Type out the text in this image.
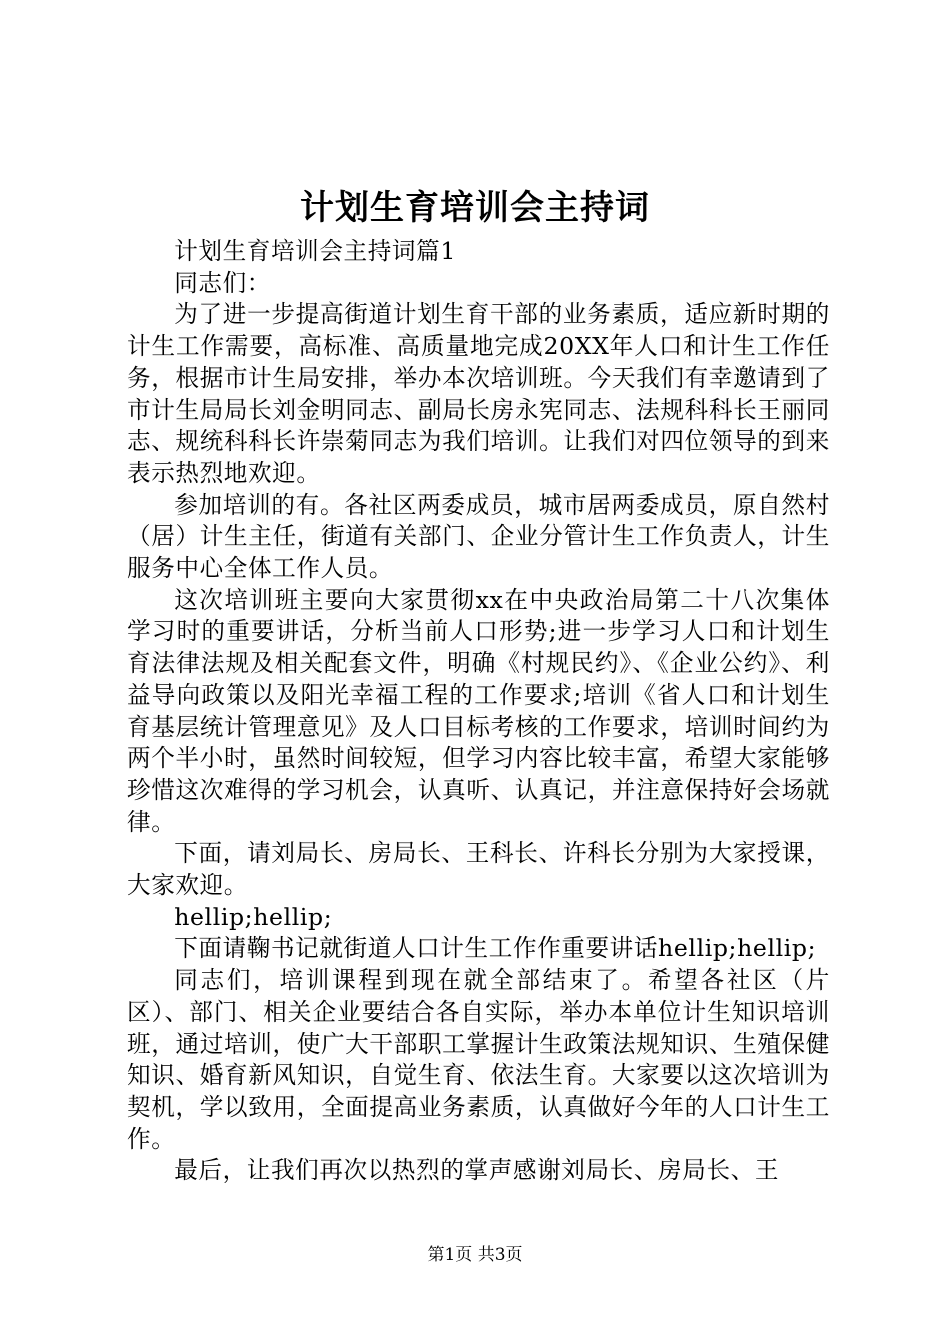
计划生育培训会主持词

计划生育培训会主持词篇1

同志们：

为了进一步提高街道计划生育干部的业务素质，适应新时期的计生工作需要，高标准、高质量地完成20XX年人口和计生工作任务，根据市计生局安排，举办本次培训班。今天我们有幸邀请到了市计生局局长刘金明同志、副局长房永宪同志、法规科科长王丽同志、规统科科长许崇菊同志为我们培训。让我们对四位领导的到来表示热烈地欢迎。

参加培训的有。各社区两委成员，城市居两委成员，原自然村（居）计生主任，街道有关部门、企业分管计生工作负责人，计生服务中心全体工作人员。

这次培训班主要向大家贯彻xx在中央政治局第二十八次集体学习时的重要讲话，分析当前人口形势;进一步学习人口和计划生育法律法规及相关配套文件，明确《村规民约》、《企业公约》、利益导向政策以及阳光幸福工程的工作要求;培训《省人口和计划生育基层统计管理意见》及人口目标考核的工作要求，培训时间约为两个半小时，虽然时间较短，但学习内容比较丰富，希望大家能够珍惜这次难得的学习机会，认真听、认真记，并注意保持好会场就律。

下面，请刘局长、房局长、王科长、许科长分别为大家授课，大家欢迎。

hellip;hellip;

下面请鞠书记就街道人口计生工作作重要讲话hellip;hellip;

同志们，培训课程到现在就全部结束了。希望各社区（片区）、部门、相关企业要结合各自实际，举办本单位计生知识培训班，通过培训，使广大干部职工掌握计生政策法规知识、生殖保健知识、婚育新风知识，自觉生育、依法生育。大家要以这次培训为契机，学以致用，全面提高业务素质，认真做好今年的人口计生工作。

最后，让我们再次以热烈的掌声感谢刘局长、房局长、王

第1页 共3页
